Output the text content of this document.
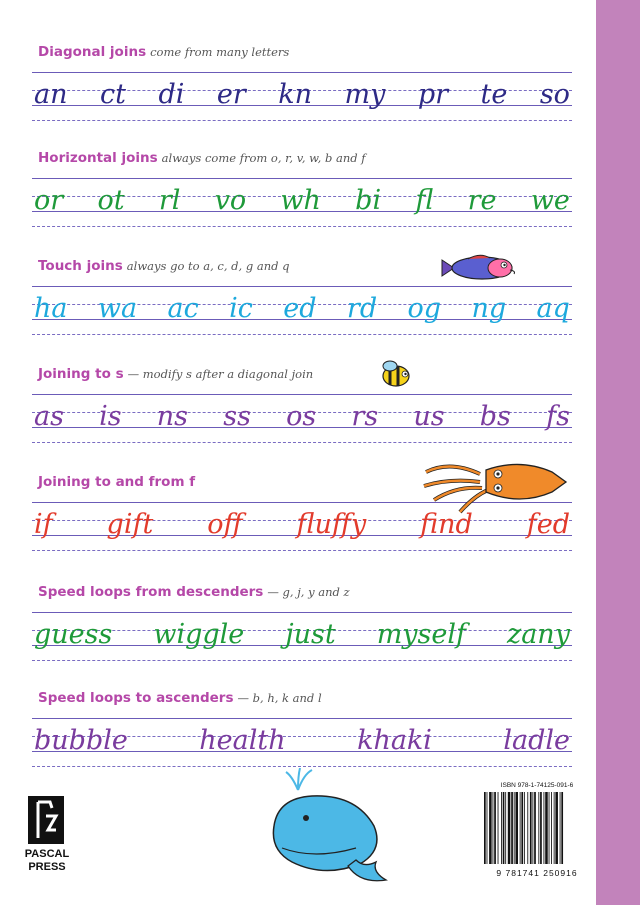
Diagonal joins come from many letters
an ct di er kn my pr te so
Horizontal joins always come from o, r, v, w, b and f
or ot rl vo wh bi fl re we
Touch joins always go to a, c, d, g and q
ha wa ac ic ed rd og ng aq
Joining to s — modify s after a diagonal join
as is ns ss os rs us bs fs
Joining to and from f
if gift off fluffy find fed
Speed loops from descenders — g, j, y and z
guess wiggle just myself zany
Speed loops to ascenders — b, h, k and l
bubble	health	khaki	ladle
PASCAL
PRESS
ISBN 978-1-74125-091-6
9 781741 250916
